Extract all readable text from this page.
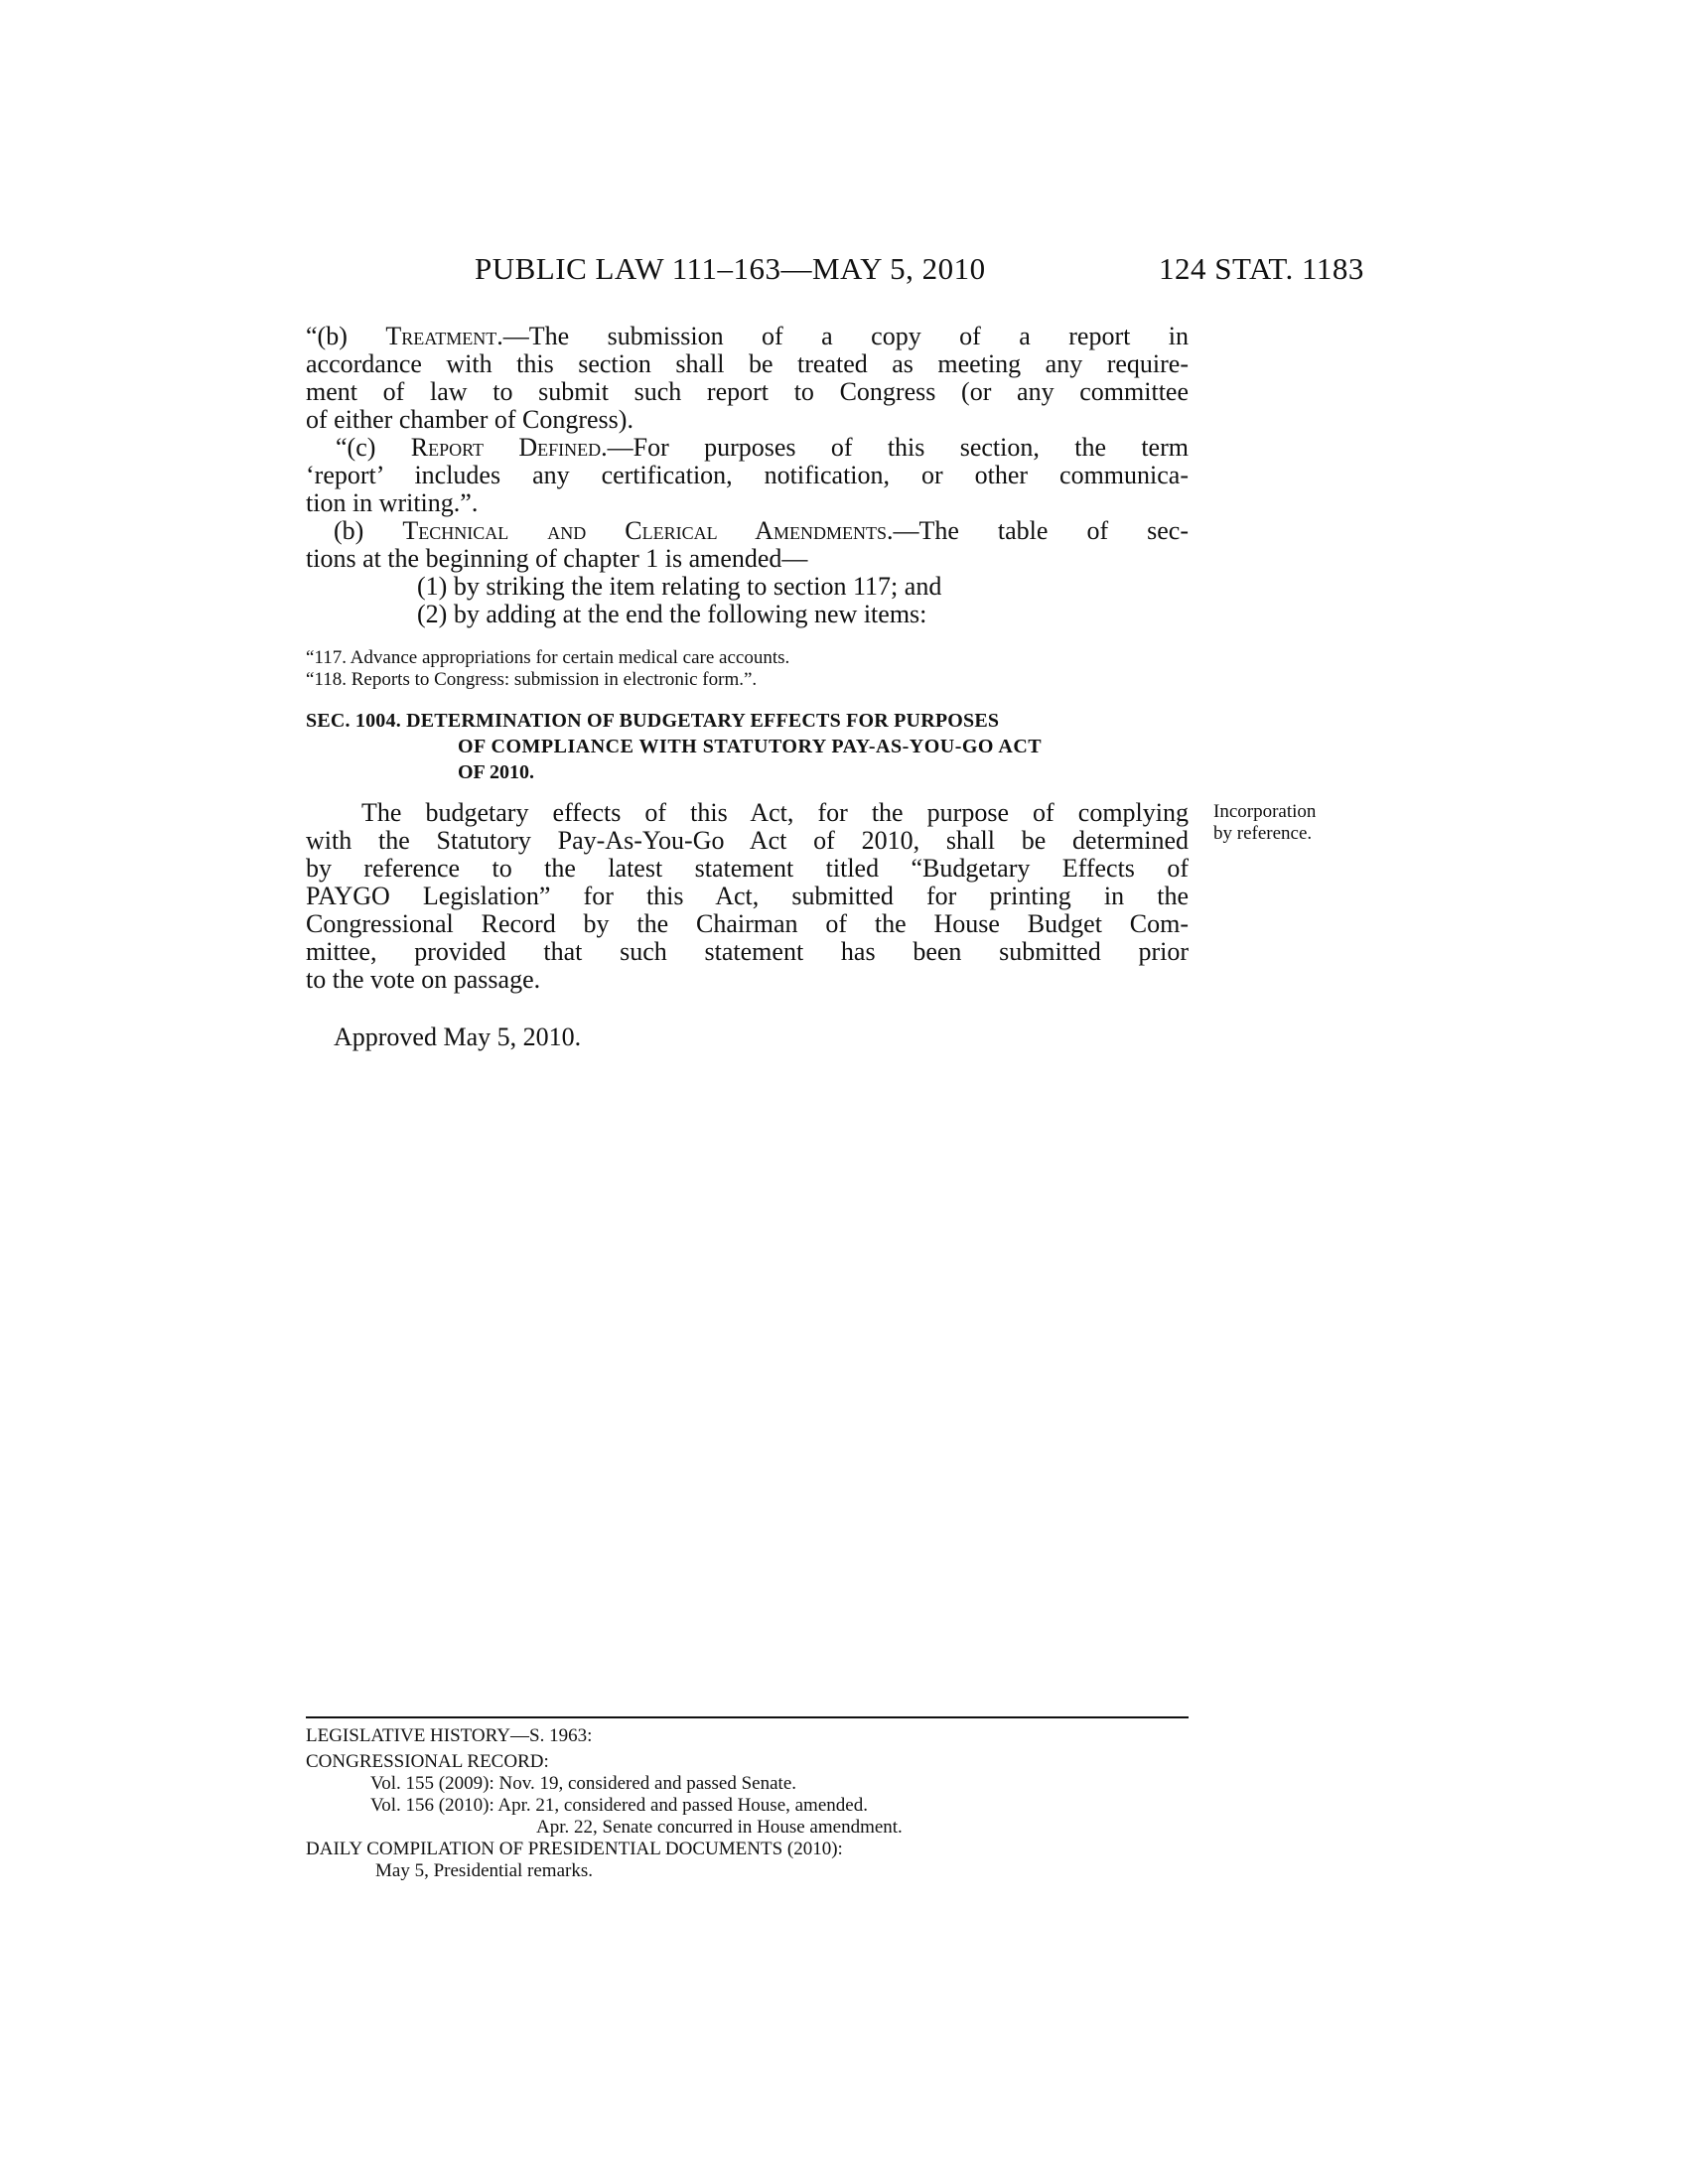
PUBLIC LAW 111–163—MAY 5, 2010	124 STAT. 1183
“(b) Treatment.—The submission of a copy of a report in
accordance with this section shall be treated as meeting any require-
ment of law to submit such report to Congress (or any committee
of either chamber of Congress).
“(c) Report Defined.—For purposes of this section, the term
‘report’ includes any certification, notification, or other communica-
tion in writing.”.
(b) Technical and Clerical Amendments.—The table of sec-
tions at the beginning of chapter 1 is amended—
(1) by striking the item relating to section 117; and
(2) by adding at the end the following new items:
“117. Advance appropriations for certain medical care accounts.
“118. Reports to Congress: submission in electronic form.”.
SEC. 1004. DETERMINATION OF BUDGETARY EFFECTS FOR PURPOSES
OF COMPLIANCE WITH STATUTORY PAY-AS-YOU-GO ACT
OF 2010.
The budgetary effects of this Act, for the purpose of complying
with the Statutory Pay-As-You-Go Act of 2010, shall be determined
by reference to the latest statement titled “Budgetary Effects of
PAYGO Legislation” for this Act, submitted for printing in the
Congressional Record by the Chairman of the House Budget Com-
mittee, provided that such statement has been submitted prior
to the vote on passage.
Incorporation
by reference.
Approved May 5, 2010.
LEGISLATIVE HISTORY—S. 1963:
CONGRESSIONAL RECORD:
Vol. 155 (2009): Nov. 19, considered and passed Senate.
Vol. 156 (2010): Apr. 21, considered and passed House, amended.
Apr. 22, Senate concurred in House amendment.
DAILY COMPILATION OF PRESIDENTIAL DOCUMENTS (2010):
May 5, Presidential remarks.
